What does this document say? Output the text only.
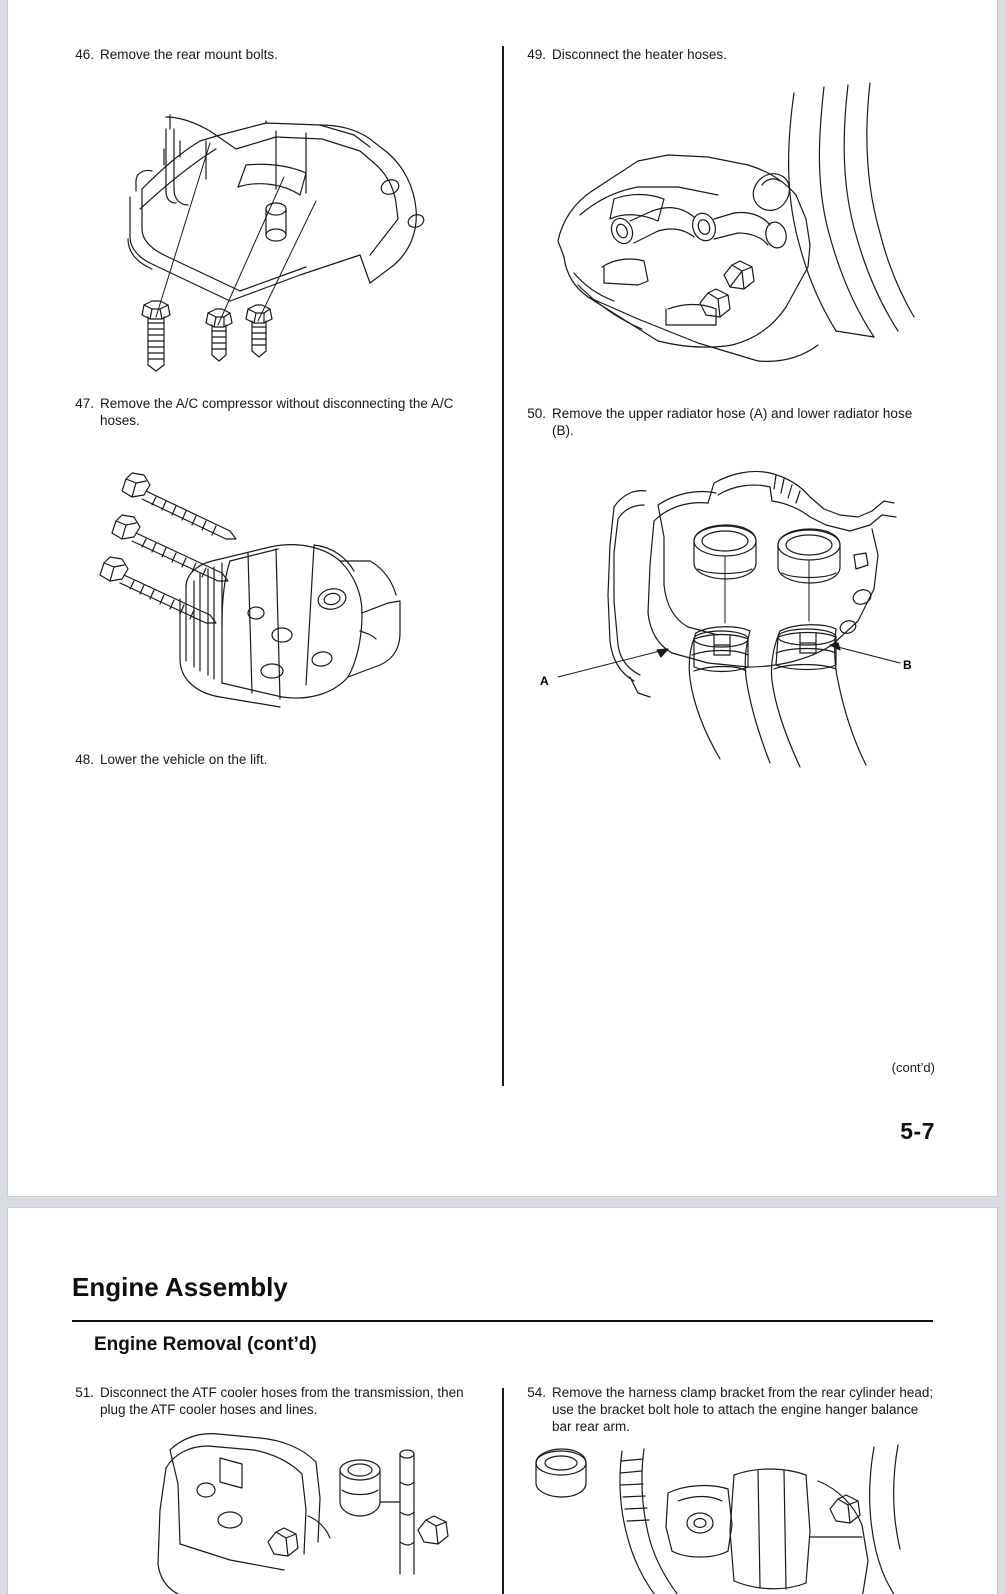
46. Remove the rear mount bolts.
47. Remove the A/C compressor without disconnecting the A/C hoses.
48. Lower the vehicle on the lift.
49. Disconnect the heater hoses.
50. Remove the upper radiator hose (A) and lower radiator hose (B).
A
B
(cont’d)
5-7
Engine Assembly
Engine Removal (cont’d)
51. Disconnect the ATF cooler hoses from the transmission, then plug the ATF cooler hoses and lines.
54. Remove the harness clamp bracket from the rear cylinder head; use the bracket bolt hole to attach the engine hanger balance bar rear arm.
